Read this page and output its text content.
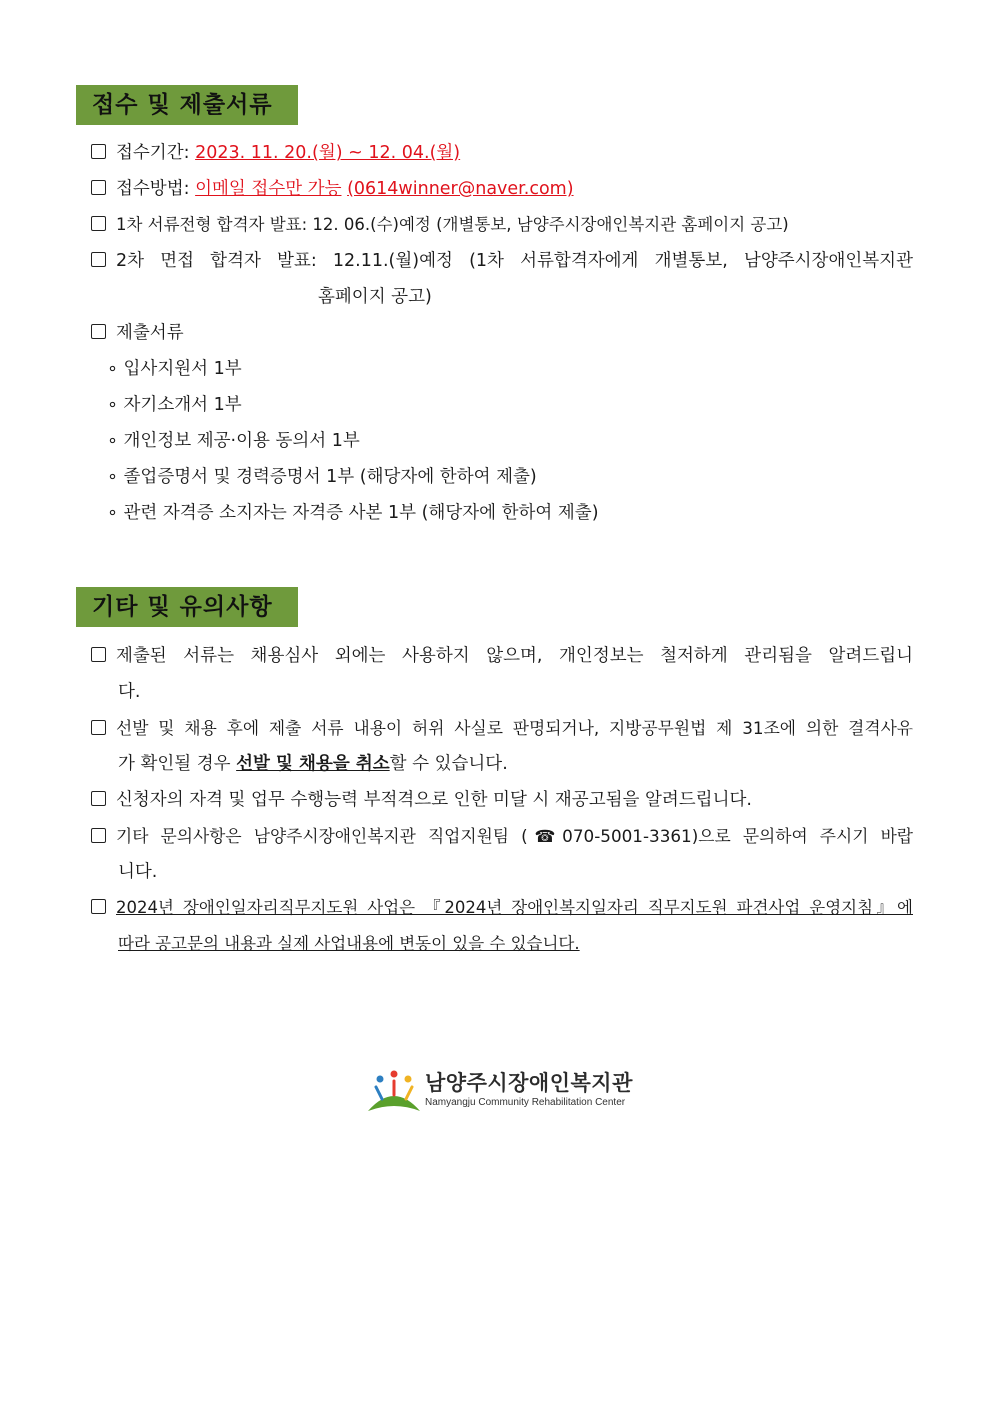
접수 및 제출서류
접수기간: 2023. 11. 20.(월) ~ 12. 04.(월)
접수방법: 이메일 접수만 가능 (0614winner@naver.com)
1차 서류전형 합격자 발표: 12. 06.(수)예정 (개별통보, 남양주시장애인복지관 홈페이지 공고)
2차 면접 합격자 발표: 12.11.(월)예정 (1차 서류합격자에게 개별통보, 남양주시장애인복지관
홈페이지 공고)
제출서류
∘ 입사지원서 1부
∘ 자기소개서 1부
∘ 개인정보 제공·이용 동의서 1부
∘ 졸업증명서 및 경력증명서 1부 (해당자에 한하여 제출)
∘ 관련 자격증 소지자는 자격증 사본 1부 (해당자에 한하여 제출)
기타 및 유의사항
제출된 서류는 채용심사 외에는 사용하지 않으며, 개인정보는 철저하게 관리됨을 알려드립니
다.
선발 및 채용 후에 제출 서류 내용이 허위 사실로 판명되거나, 지방공무원법 제 31조에 의한 결격사유
가 확인될 경우 선발 및 채용을 취소할 수 있습니다.
신청자의 자격 및 업무 수행능력 부적격으로 인한 미달 시 재공고됨을 알려드립니다.
기타 문의사항은 남양주시장애인복지관 직업지원팀 (☎070-5001-3361)으로 문의하여 주시기 바랍
니다.
2024년 장애인일자리직무지도원 사업은 『2024년 장애인복지일자리 직무지도원 파견사업 운영지침』에
따라 공고문의 내용과 실제 사업내용에 변동이 있을 수 있습니다.
남양주시장애인복지관
Namyangju Community Rehabilitation Center
